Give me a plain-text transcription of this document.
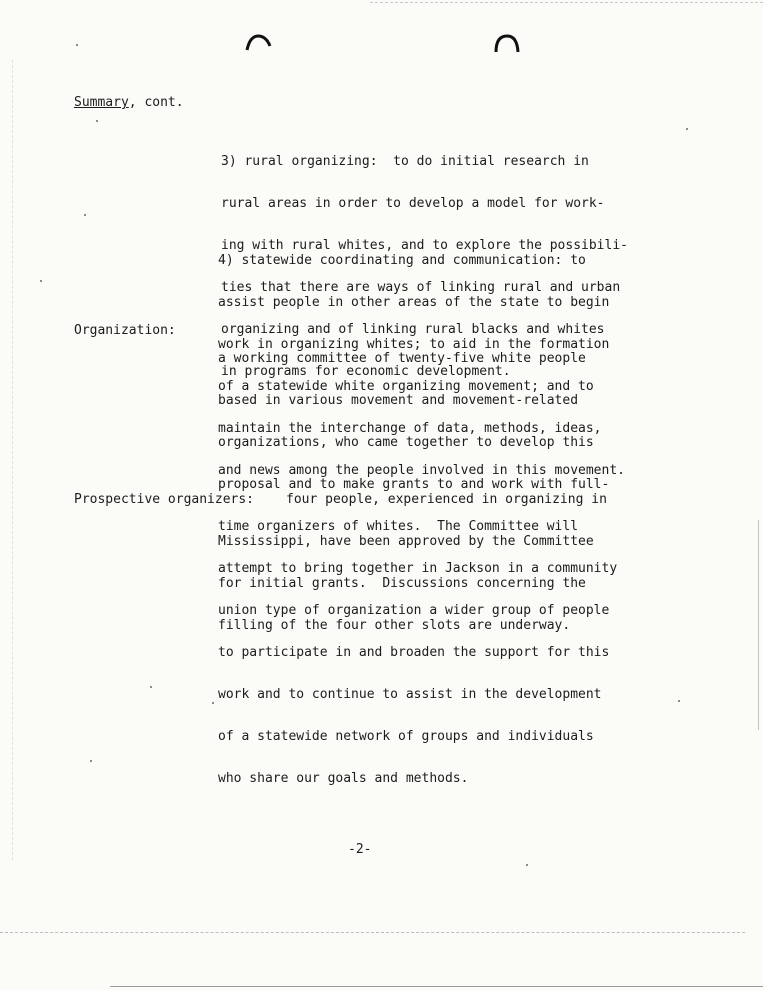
Summary, cont.

3) rural organizing:  to do initial research in

rural areas in order to develop a model for work-

ing with rural whites, and to explore the possibili-

ties that there are ways of linking rural and urban

organizing and of linking rural blacks and whites

in programs for economic development.

4) statewide coordinating and communication: to

assist people in other areas of the state to begin

work in organizing whites; to aid in the formation

of a statewide white organizing movement; and to

maintain the interchange of data, methods, ideas,

and news among the people involved in this movement.

Organization:

a working committee of twenty-five white people

based in various movement and movement-related

organizations, who came together to develop this

proposal and to make grants to and work with full-

time organizers of whites.  The Committee will

attempt to bring together in Jackson in a community

union type of organization a wider group of people

to participate in and broaden the support for this

work and to continue to assist in the development

of a statewide network of groups and individuals

who share our goals and methods.

Prospective organizers: four people, experienced in organizing in

Mississippi, have been approved by the Committee

for initial grants.  Discussions concerning the

filling of the four other slots are underway.

-2-
